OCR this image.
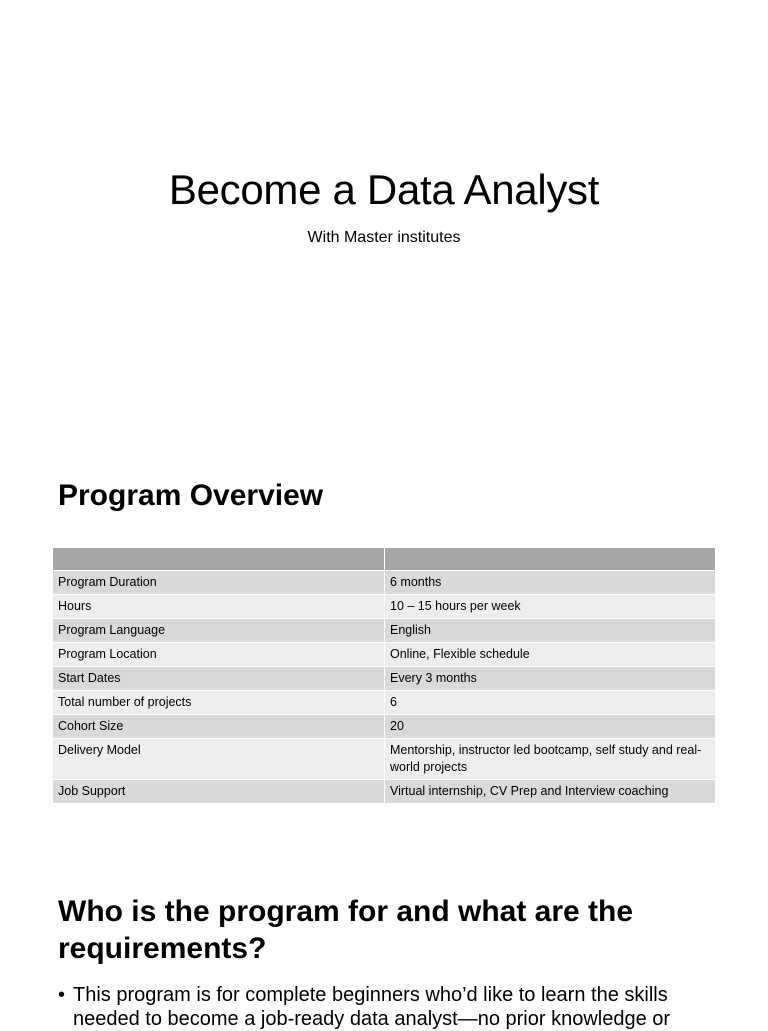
Become a Data Analyst

With Master institutes

Program Overview

Program Duration	6 months
Hours	10 – 15 hours per week
Program Language	English
Program Location	Online, Flexible schedule
Start Dates	Every 3 months
Total number of projects	6
Cohort Size	20
Delivery Model	Mentorship, instructor led bootcamp, self study and real-world projects
Job Support	Virtual internship, CV Prep and Interview coaching
Who is the program for and what are the requirements?
• This program is for complete beginners who’d like to learn the skills needed to become a job-ready data analyst—no prior knowledge or
